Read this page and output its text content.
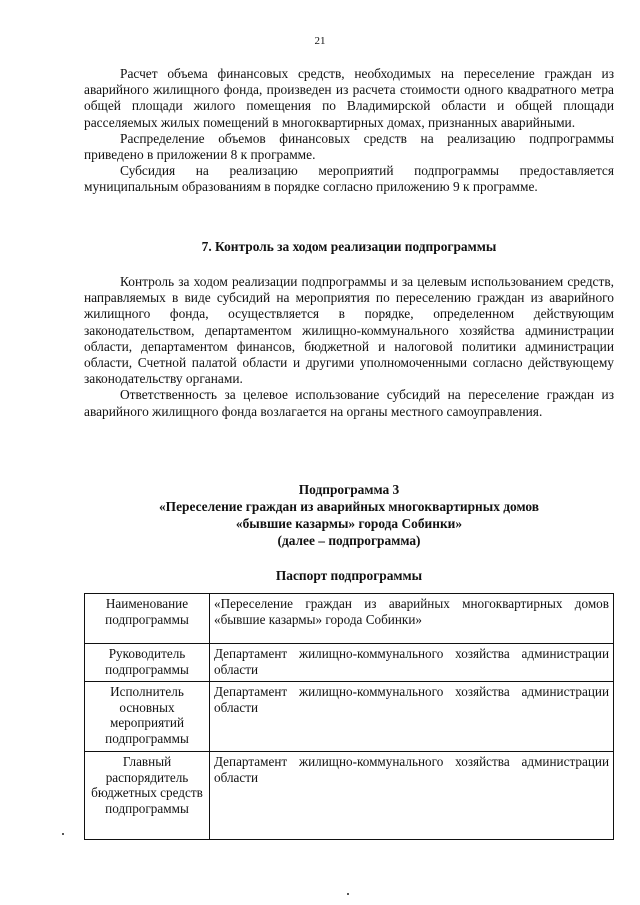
21

Расчет объема финансовых средств, необходимых на переселение граждан из аварийного жилищного фонда, произведен из расчета стоимости одного квадратного метра общей площади жилого помещения по Владимирской области и общей площади расселяемых жилых помещений в многоквартирных домах, признанных аварийными.

Распределение объемов финансовых средств на реализацию подпрограммы приведено в приложении 8 к программе.

Субсидия на реализацию мероприятий подпрограммы предоставляется муниципальным образованиям в порядке согласно приложению 9 к программе.

7. Контроль за ходом реализации подпрограммы

Контроль за ходом реализации подпрограммы и за целевым использованием средств, направляемых в виде субсидий на мероприятия по переселению граждан из аварийного жилищного фонда, осуществляется в порядке, определенном действующим законодательством, департаментом жилищно-коммунального хозяйства администрации области, департаментом финансов, бюджетной и налоговой политики администрации области, Счетной палатой области и другими уполномоченными согласно действующему законодательству органами.

Ответственность за целевое использование субсидий на переселение граждан из аварийного жилищного фонда возлагается на органы местного самоуправления.

Подпрограмма 3

«Переселение граждан из аварийных многоквартирных домов

«бывшие казармы» города Собинки»

(далее – подпрограмма)

Паспорт подпрограммы

Наименование подпрограммы	«Переселение граждан из аварийных многоквартирных домов «бывшие казармы» города Собинки»
Руководитель подпрограммы	Департамент жилищно-коммунального хозяйства администрации области
Исполнитель основных мероприятий подпрограммы	Департамент жилищно-коммунального хозяйства администрации области
Главный распорядитель бюджетных средств подпрограммы	Департамент жилищно-коммунального хозяйства администрации области
